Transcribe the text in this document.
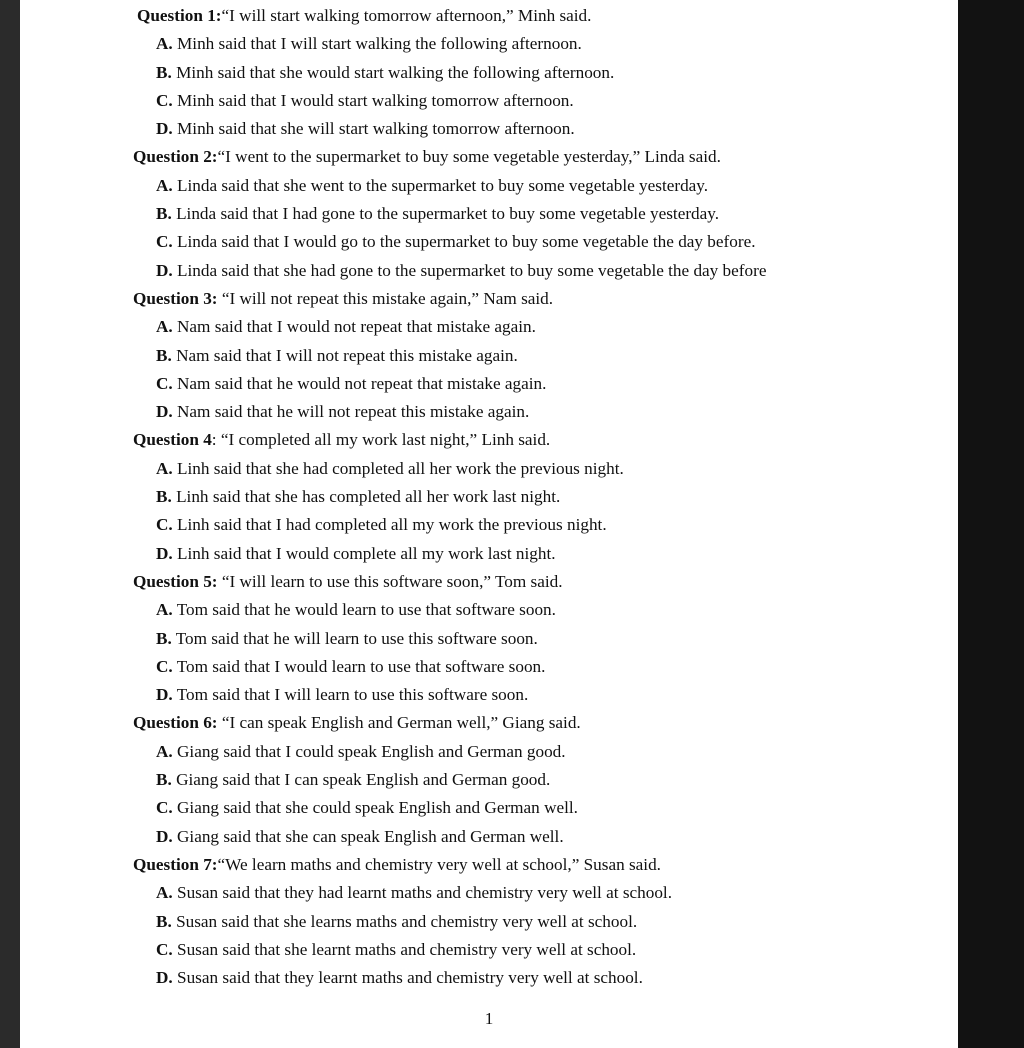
Question 1:“I will start walking tomorrow afternoon,” Minh said.
A. Minh said that I will start walking the following afternoon.
B. Minh said that she would start walking the following afternoon.
C. Minh said that I would start walking tomorrow afternoon.
D. Minh said that she will start walking tomorrow afternoon.
Question 2:“I went to the supermarket to buy some vegetable yesterday,” Linda said.
A. Linda said that she went to the supermarket to buy some vegetable yesterday.
B. Linda said that I had gone to the supermarket to buy some vegetable yesterday.
C. Linda said that I would go to the supermarket to buy some vegetable the day before.
D. Linda said that she had gone to the supermarket to buy some vegetable the day before
Question 3: “I will not repeat this mistake again,” Nam said.
A. Nam said that I would not repeat that mistake again.
B. Nam said that I will not repeat this mistake again.
C. Nam said that he would not repeat that mistake again.
D. Nam said that he will not repeat this mistake again.
Question 4: “I completed all my work last night,” Linh said.
A. Linh said that she had completed all her work the previous night.
B. Linh said that she has completed all her work last night.
C. Linh said that I had completed all my work the previous night.
D. Linh said that I would complete all my work last night.
Question 5: “I will learn to use this software soon,” Tom said.
A. Tom said that he would learn to use that software soon.
B. Tom said that he will learn to use this software soon.
C. Tom said that I would learn to use that software soon.
D. Tom said that I will learn to use this software soon.
Question 6: “I can speak English and German well,” Giang said.
A. Giang said that I could speak English and German good.
B. Giang said that I can speak English and German good.
C. Giang said that she could speak English and German well.
D. Giang said that she can speak English and German well.
Question 7:“We learn maths and chemistry very well at school,” Susan said.
A. Susan said that they had learnt maths and chemistry very well at school.
B. Susan said that she learns maths and chemistry very well at school.
C. Susan said that she learnt maths and chemistry very well at school.
D. Susan said that they learnt maths and chemistry very well at school.
1
